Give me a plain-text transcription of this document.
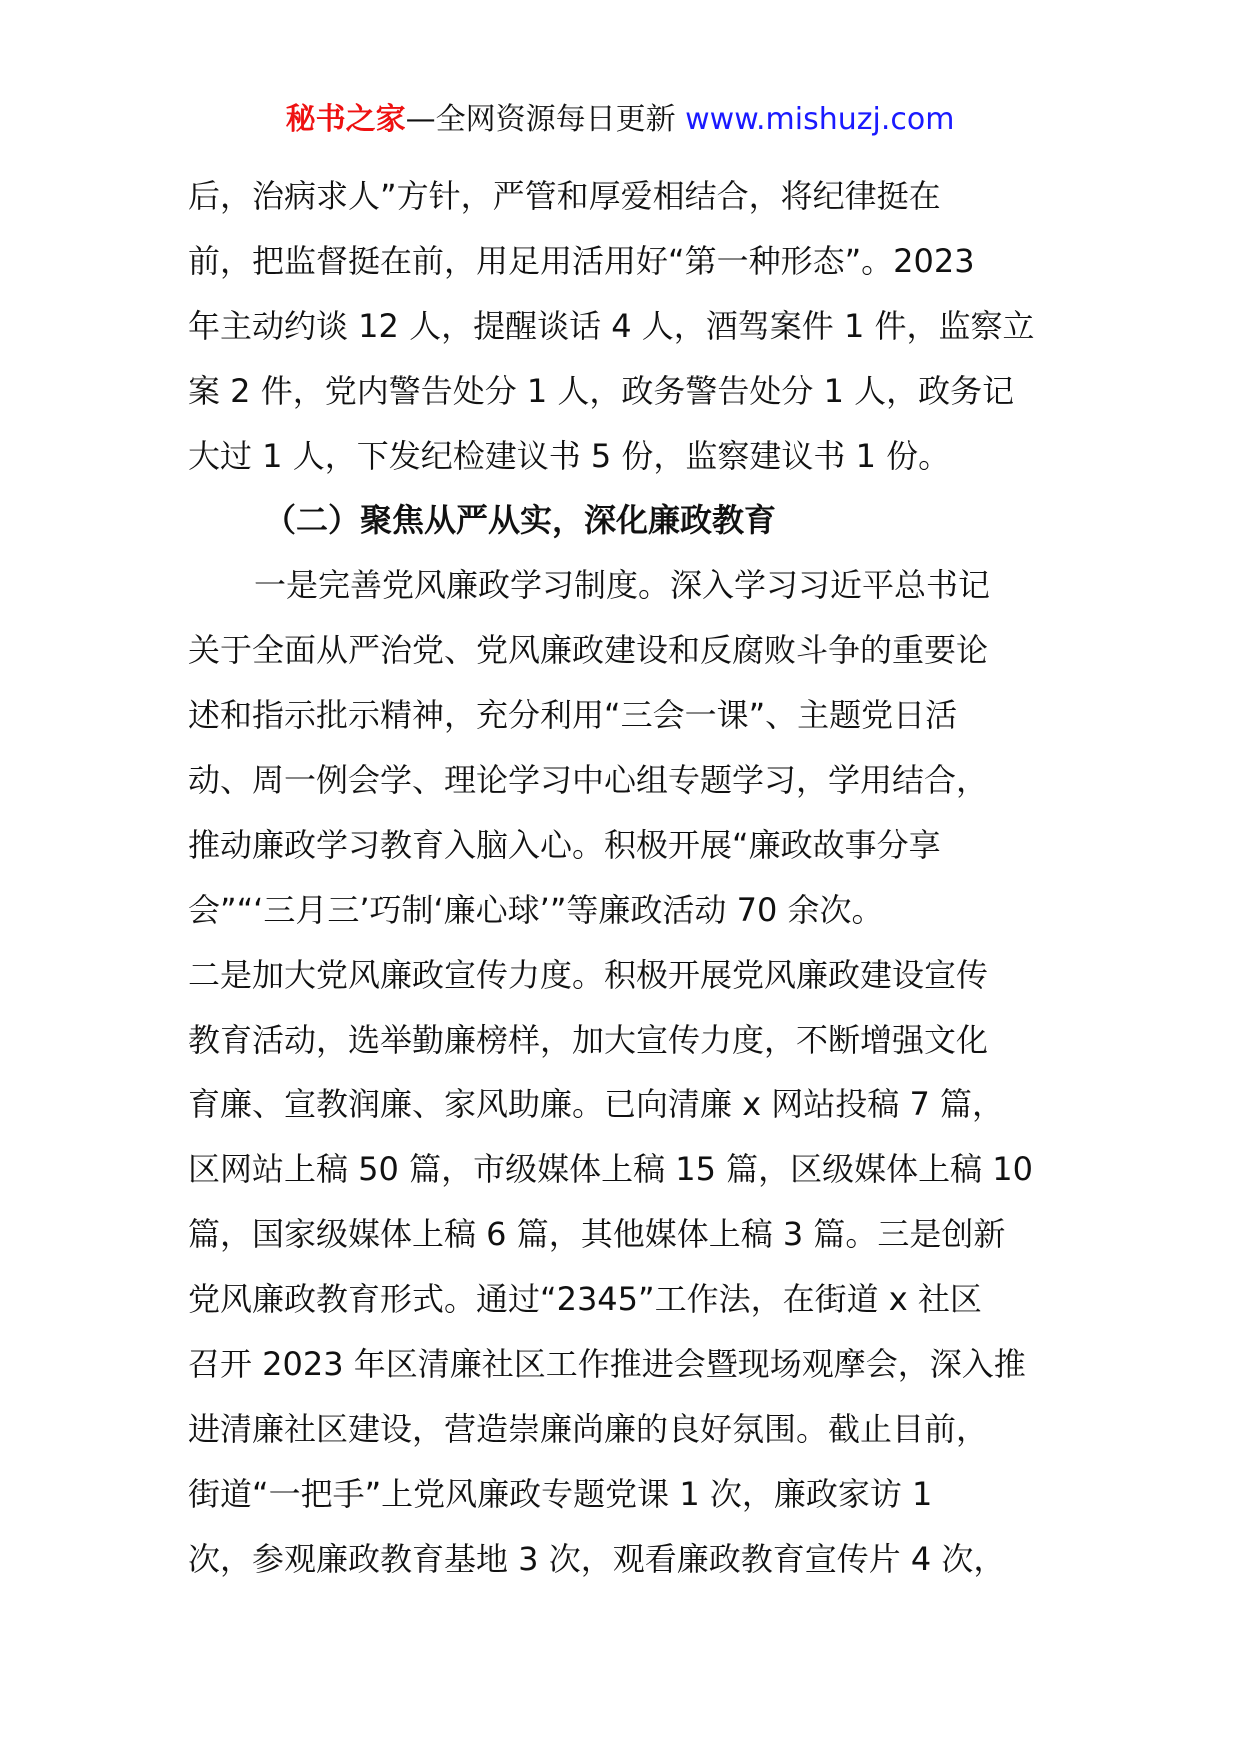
秘书之家—全网资源每日更新 www.mishuzj.com
后，治病求人”方针，严管和厚爱相结合，将纪律挺在
前，把监督挺在前，用足用活用好“第一种形态”。2023
年主动约谈 12 人，提醒谈话 4 人，酒驾案件 1 件，监察立
案 2 件，党内警告处分 1 人，政务警告处分 1 人，政务记
大过 1 人，下发纪检建议书 5 份，监察建议书 1 份。
（二）聚焦从严从实，深化廉政教育
一是完善党风廉政学习制度。深入学习习近平总书记
关于全面从严治党、党风廉政建设和反腐败斗争的重要论
述和指示批示精神，充分利用“三会一课”、主题党日活
动、周一例会学、理论学习中心组专题学习，学用结合，
推动廉政学习教育入脑入心。积极开展“廉政故事分享
会”“‘三月三’巧制‘廉心球’”等廉政活动 70 余次。
二是加大党风廉政宣传力度。积极开展党风廉政建设宣传
教育活动，选举勤廉榜样，加大宣传力度，不断增强文化
育廉、宣教润廉、家风助廉。已向清廉 x 网站投稿 7 篇，
区网站上稿 50 篇，市级媒体上稿 15 篇，区级媒体上稿 10
篇，国家级媒体上稿 6 篇，其他媒体上稿 3 篇。三是创新
党风廉政教育形式。通过“2345”工作法，在街道 x 社区
召开 2023 年区清廉社区工作推进会暨现场观摩会，深入推
进清廉社区建设，营造崇廉尚廉的良好氛围。截止目前，
街道“一把手”上党风廉政专题党课 1 次，廉政家访 1
次，参观廉政教育基地 3 次，观看廉政教育宣传片 4 次，
